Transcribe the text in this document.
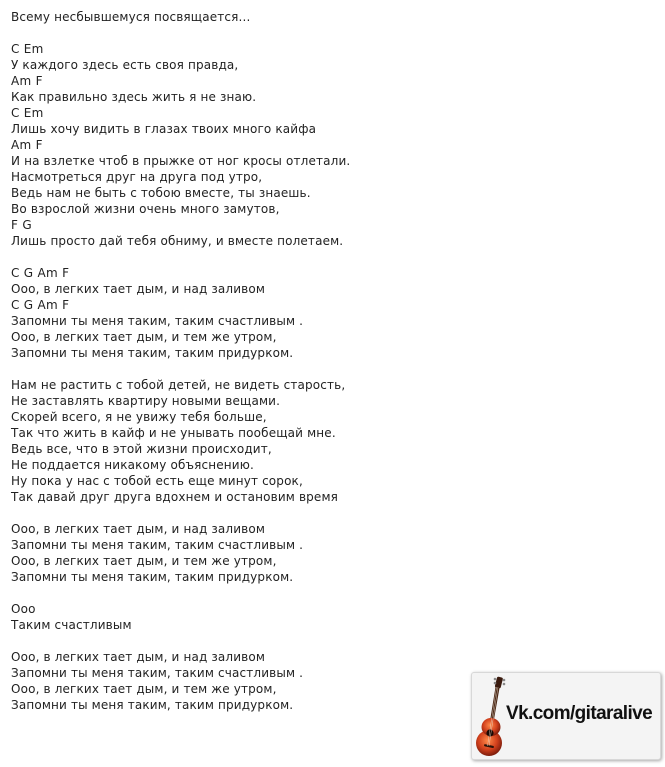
Всему несбывшемуся посвящается...
C Em
У каждого здесь есть своя правда,
Am F
Как правильно здесь жить я не знаю.
C Em
Лишь хочу видить в глазах твоих много кайфа
Am F
И на взлетке чтоб в прыжке от ног кросы отлетали.
Насмотреться друг на друга под утро,
Ведь нам не быть с тобою вместе, ты знаешь.
Во взрослой жизни очень много замутов,
F G
Лишь просто дай тебя обниму, и вместе полетаем.
C G Am F
Ооо, в легких тает дым, и над заливом
C G Am F
Запомни ты меня таким, таким счастливым .
Ооо, в легких тает дым, и тем же утром,
Запомни ты меня таким, таким придурком.
Нам не растить с тобой детей, не видеть старость,
Не заставлять квартиру новыми вещами.
Скорей всего, я не увижу тебя больше,
Так что жить в кайф и не унывать пообещай мне.
Ведь все, что в этой жизни происходит,
Не поддается никакому объяснению.
Ну пока у нас с тобой есть еще минут сорок,
Так давай друг друга вдохнем и остановим время
Ооо, в легких тает дым, и над заливом
Запомни ты меня таким, таким счастливым .
Ооо, в легких тает дым, и тем же утром,
Запомни ты меня таким, таким придурком.
Ооо
Таким счастливым
Ооо, в легких тает дым, и над заливом
Запомни ты меня таким, таким счастливым .
Ооо, в легких тает дым, и тем же утром,
Запомни ты меня таким, таким придурком.	Vk.com/gitaralive
